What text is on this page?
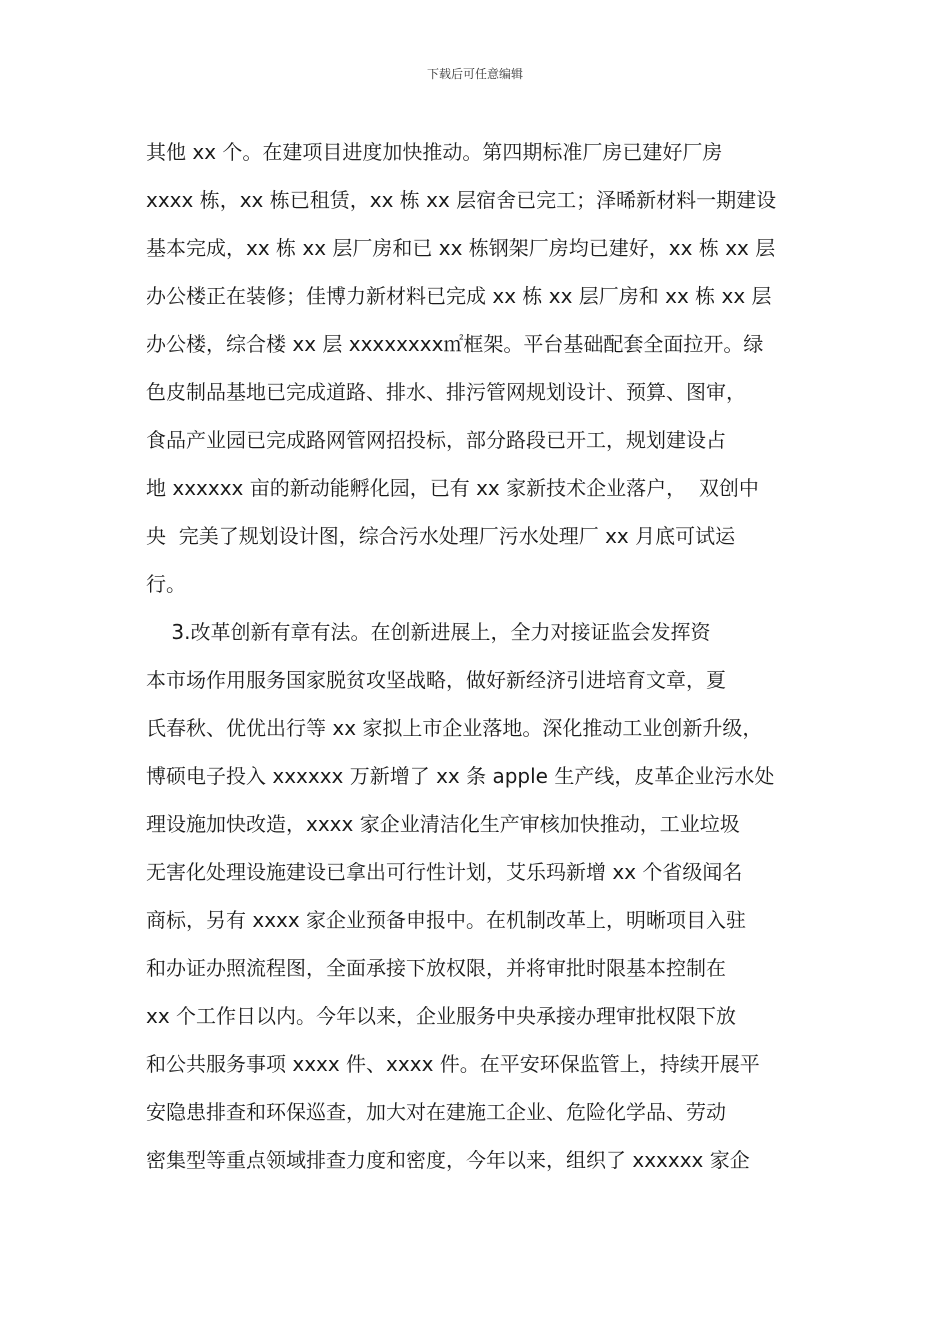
下载后可任意编辑
其他 xx 个。在建项目进度加快推动。第四期标准厂房已建好厂房
xxxx 栋，xx 栋已租赁，xx 栋 xx 层宿舍已完工；泽晞新材料一期建设
基本完成，xx 栋 xx 层厂房和已 xx 栋钢架厂房均已建好，xx 栋 xx 层
办公楼正在装修；佳博力新材料已完成 xx 栋 xx 层厂房和 xx 栋 xx 层
办公楼，综合楼 xx 层 xxxxxxxx㎡框架。平台基础配套全面拉开。绿
色皮制品基地已完成道路、排水、排污管网规划设计、预算、图审，
食品产业园已完成路网管网招投标，部分路段已开工，规划建设占
地 xxxxxx 亩的新动能孵化园，已有 xx 家新技术企业落户，  双创中
央  完美了规划设计图，综合污水处理厂污水处理厂 xx 月底可试运
行。
3.改革创新有章有法。在创新进展上，全力对接证监会发挥资
本市场作用服务国家脱贫攻坚战略，做好新经济引进培育文章，夏
氏春秋、优优出行等 xx 家拟上市企业落地。深化推动工业创新升级，
博硕电子投入 xxxxxx 万新增了 xx 条 apple 生产线，皮革企业污水处
理设施加快改造，xxxx 家企业清洁化生产审核加快推动，工业垃圾
无害化处理设施建设已拿出可行性计划，艾乐玛新增 xx 个省级闻名
商标，另有 xxxx 家企业预备申报中。在机制改革上，明晰项目入驻
和办证办照流程图，全面承接下放权限，并将审批时限基本控制在
xx 个工作日以内。今年以来，企业服务中央承接办理审批权限下放
和公共服务事项 xxxx 件、xxxx 件。在平安环保监管上，持续开展平
安隐患排查和环保巡查，加大对在建施工企业、危险化学品、劳动
密集型等重点领域排查力度和密度，今年以来，组织了 xxxxxx 家企
